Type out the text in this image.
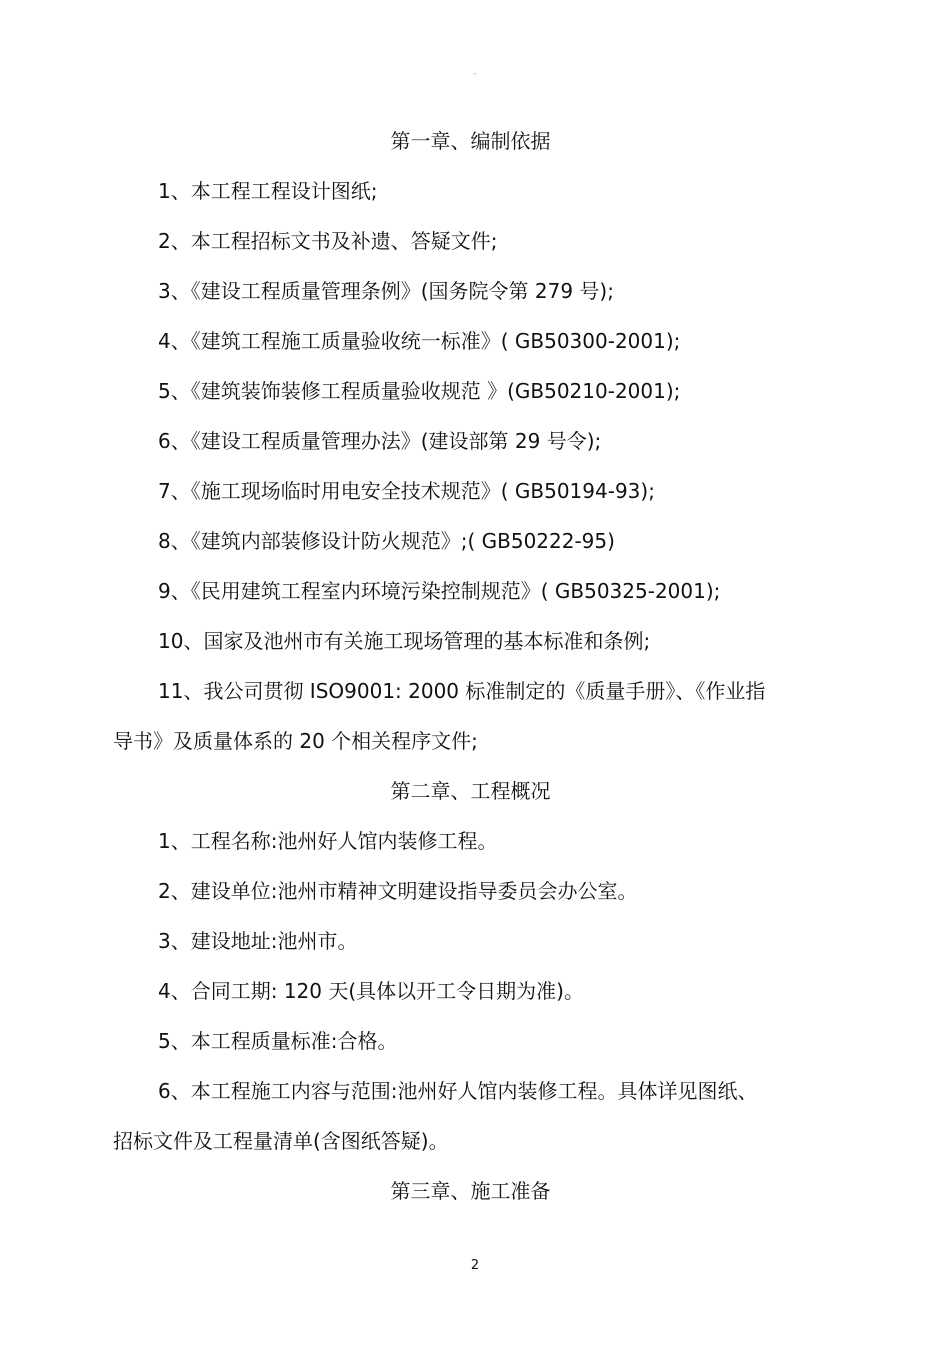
-
第一章、编制依据
1、本工程工程设计图纸;
2、本工程招标文书及补遗、答疑文件;
3、《建设工程质量管理条例》(国务院令第 279 号);
4、《建筑工程施工质量验收统一标准》( GB50300-2001);
5、《建筑装饰装修工程质量验收规范 》(GB50210-2001);
6、《建设工程质量管理办法》(建设部第 29 号令);
7、《施工现场临时用电安全技术规范》( GB50194-93);
8、《建筑内部装修设计防火规范》;( GB50222-95)
9、《民用建筑工程室内环境污染控制规范》( GB50325-2001);
10、国家及池州市有关施工现场管理的基本标准和条例;
11、我公司贯彻 ISO9001: 2000 标准制定的《质量手册》、《作业指
导书》及质量体系的 20 个相关程序文件;
第二章、工程概况
1、工程名称:池州好人馆内装修工程。
2、建设单位:池州市精神文明建设指导委员会办公室。
3、建设地址:池州市。
4、合同工期: 120 天(具体以开工令日期为准)。
5、本工程质量标准:合格。
6、本工程施工内容与范围:池州好人馆内装修工程。具体详见图纸、
招标文件及工程量清单(含图纸答疑)。
第三章、施工准备
2
